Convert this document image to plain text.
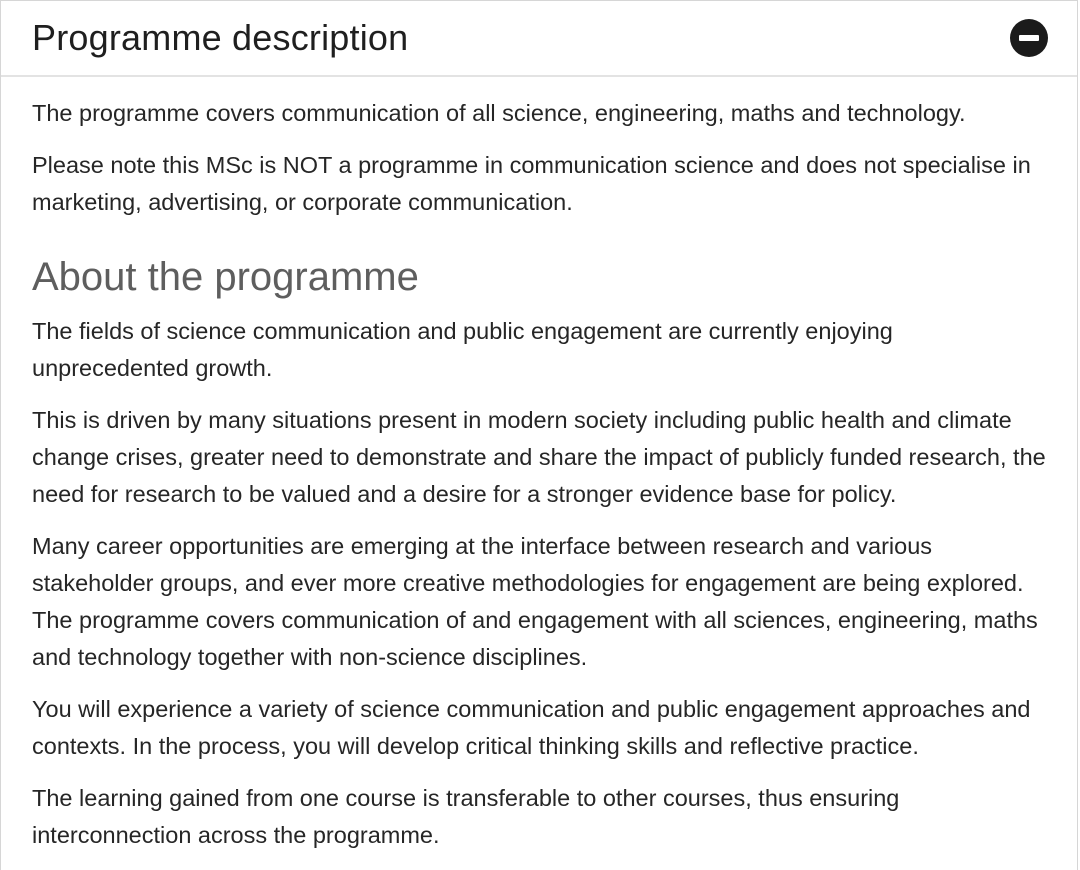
Programme description

The programme covers communication of all science, engineering, maths and technology.

Please note this MSc is NOT a programme in communication science and does not specialise in marketing, advertising, or corporate communication.

About the programme

The fields of science communication and public engagement are currently enjoying unprecedented growth.

This is driven by many situations present in modern society including public health and climate change crises, greater need to demonstrate and share the impact of publicly funded research, the need for research to be valued and a desire for a stronger evidence base for policy.

Many career opportunities are emerging at the interface between research and various stakeholder groups, and ever more creative methodologies for engagement are being explored. The programme covers communication of and engagement with all sciences, engineering, maths and technology together with non-science disciplines.

You will experience a variety of science communication and public engagement approaches and contexts. In the process, you will develop critical thinking skills and reflective practice.

The learning gained from one course is transferable to other courses, thus ensuring interconnection across the programme.
